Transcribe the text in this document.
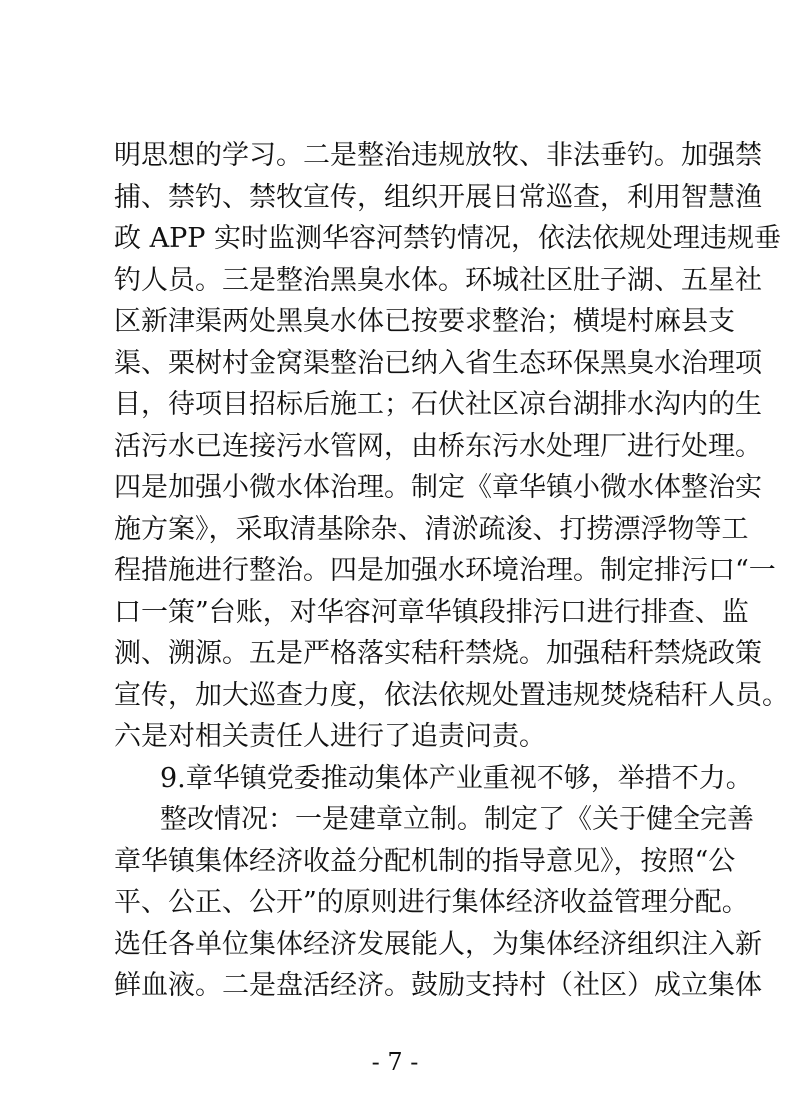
明思想的学习。二是整治违规放牧、非法垂钓。加强禁
捕、禁钓、禁牧宣传，组织开展日常巡查，利用智慧渔
政 APP 实时监测华容河禁钓情况，依法依规处理违规垂
钓人员。三是整治黑臭水体。环城社区肚子湖、五星社
区新津渠两处黑臭水体已按要求整治；横堤村麻县支
渠、栗树村金窝渠整治已纳入省生态环保黑臭水治理项
目，待项目招标后施工；石伏社区凉台湖排水沟内的生
活污水已连接污水管网，由桥东污水处理厂进行处理。
四是加强小微水体治理。制定《章华镇小微水体整治实
施方案》，采取清基除杂、清淤疏浚、打捞漂浮物等工
程措施进行整治。四是加强水环境治理。制定排污口“一
口一策”台账，对华容河章华镇段排污口进行排查、监
测、溯源。五是严格落实秸秆禁烧。加强秸秆禁烧政策
宣传，加大巡查力度，依法依规处置违规焚烧秸秆人员。
六是对相关责任人进行了追责问责。
9.章华镇党委推动集体产业重视不够，举措不力。
整改情况：一是建章立制。制定了《关于健全完善
章华镇集体经济收益分配机制的指导意见》，按照“公
平、公正、公开”的原则进行集体经济收益管理分配。
选任各单位集体经济发展能人，为集体经济组织注入新
鲜血液。二是盘活经济。鼓励支持村（社区）成立集体
- 7 -
